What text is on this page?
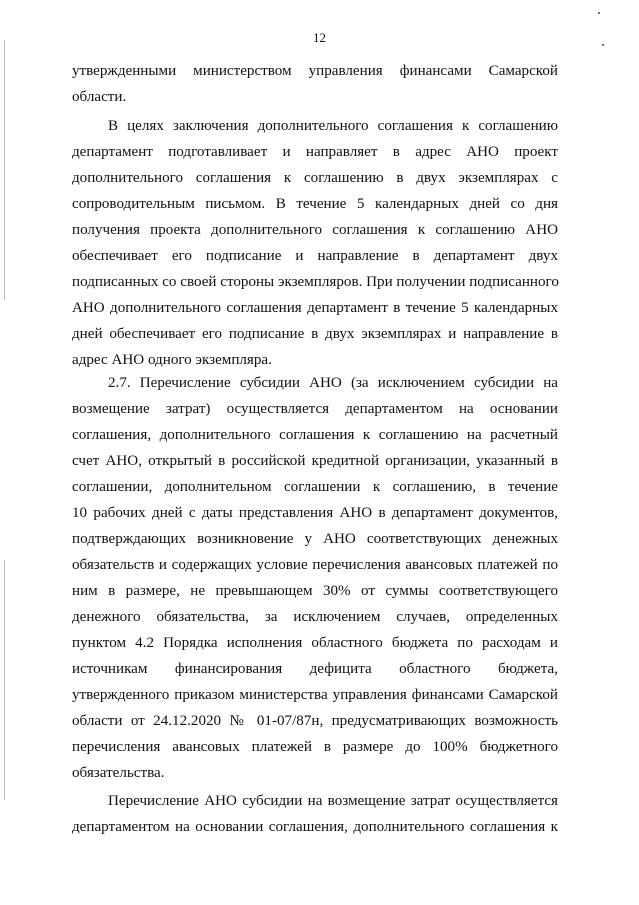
12
утвержденными министерством управления финансами Самарской
области.
В целях заключения дополнительного соглашения к соглашению
департамент подготавливает и направляет в адрес АНО проект
дополнительного соглашения к соглашению в двух экземплярах с
сопроводительным письмом. В течение 5 календарных дней со дня
получения проекта дополнительного соглашения к соглашению АНО
обеспечивает его подписание и направление в департамент двух
подписанных со своей стороны экземпляров. При получении подписанного
АНО дополнительного соглашения департамент в течение 5 календарных
дней обеспечивает его подписание в двух экземплярах и направление в
адрес АНО одного экземпляра.
2.7. Перечисление субсидии АНО (за исключением субсидии на
возмещение затрат) осуществляется департаментом на основании
соглашения, дополнительного соглашения к соглашению на расчетный
счет АНО, открытый в российской кредитной организации, указанный в
соглашении, дополнительном соглашении к соглашению, в течение
10 рабочих дней с даты представления АНО в департамент документов,
подтверждающих возникновение у АНО соответствующих денежных
обязательств и содержащих условие перечисления авансовых платежей по
ним в размере, не превышающем 30% от суммы соответствующего
денежного обязательства, за исключением случаев, определенных
пунктом 4.2 Порядка исполнения областного бюджета по расходам и
источникам финансирования дефицита областного бюджета,
утвержденного приказом министерства управления финансами Самарской
области от 24.12.2020 № 01-07/87н, предусматривающих возможность
перечисления авансовых платежей в размере до 100% бюджетного
обязательства.
Перечисление АНО субсидии на возмещение затрат осуществляется
департаментом на основании соглашения, дополнительного соглашения к
